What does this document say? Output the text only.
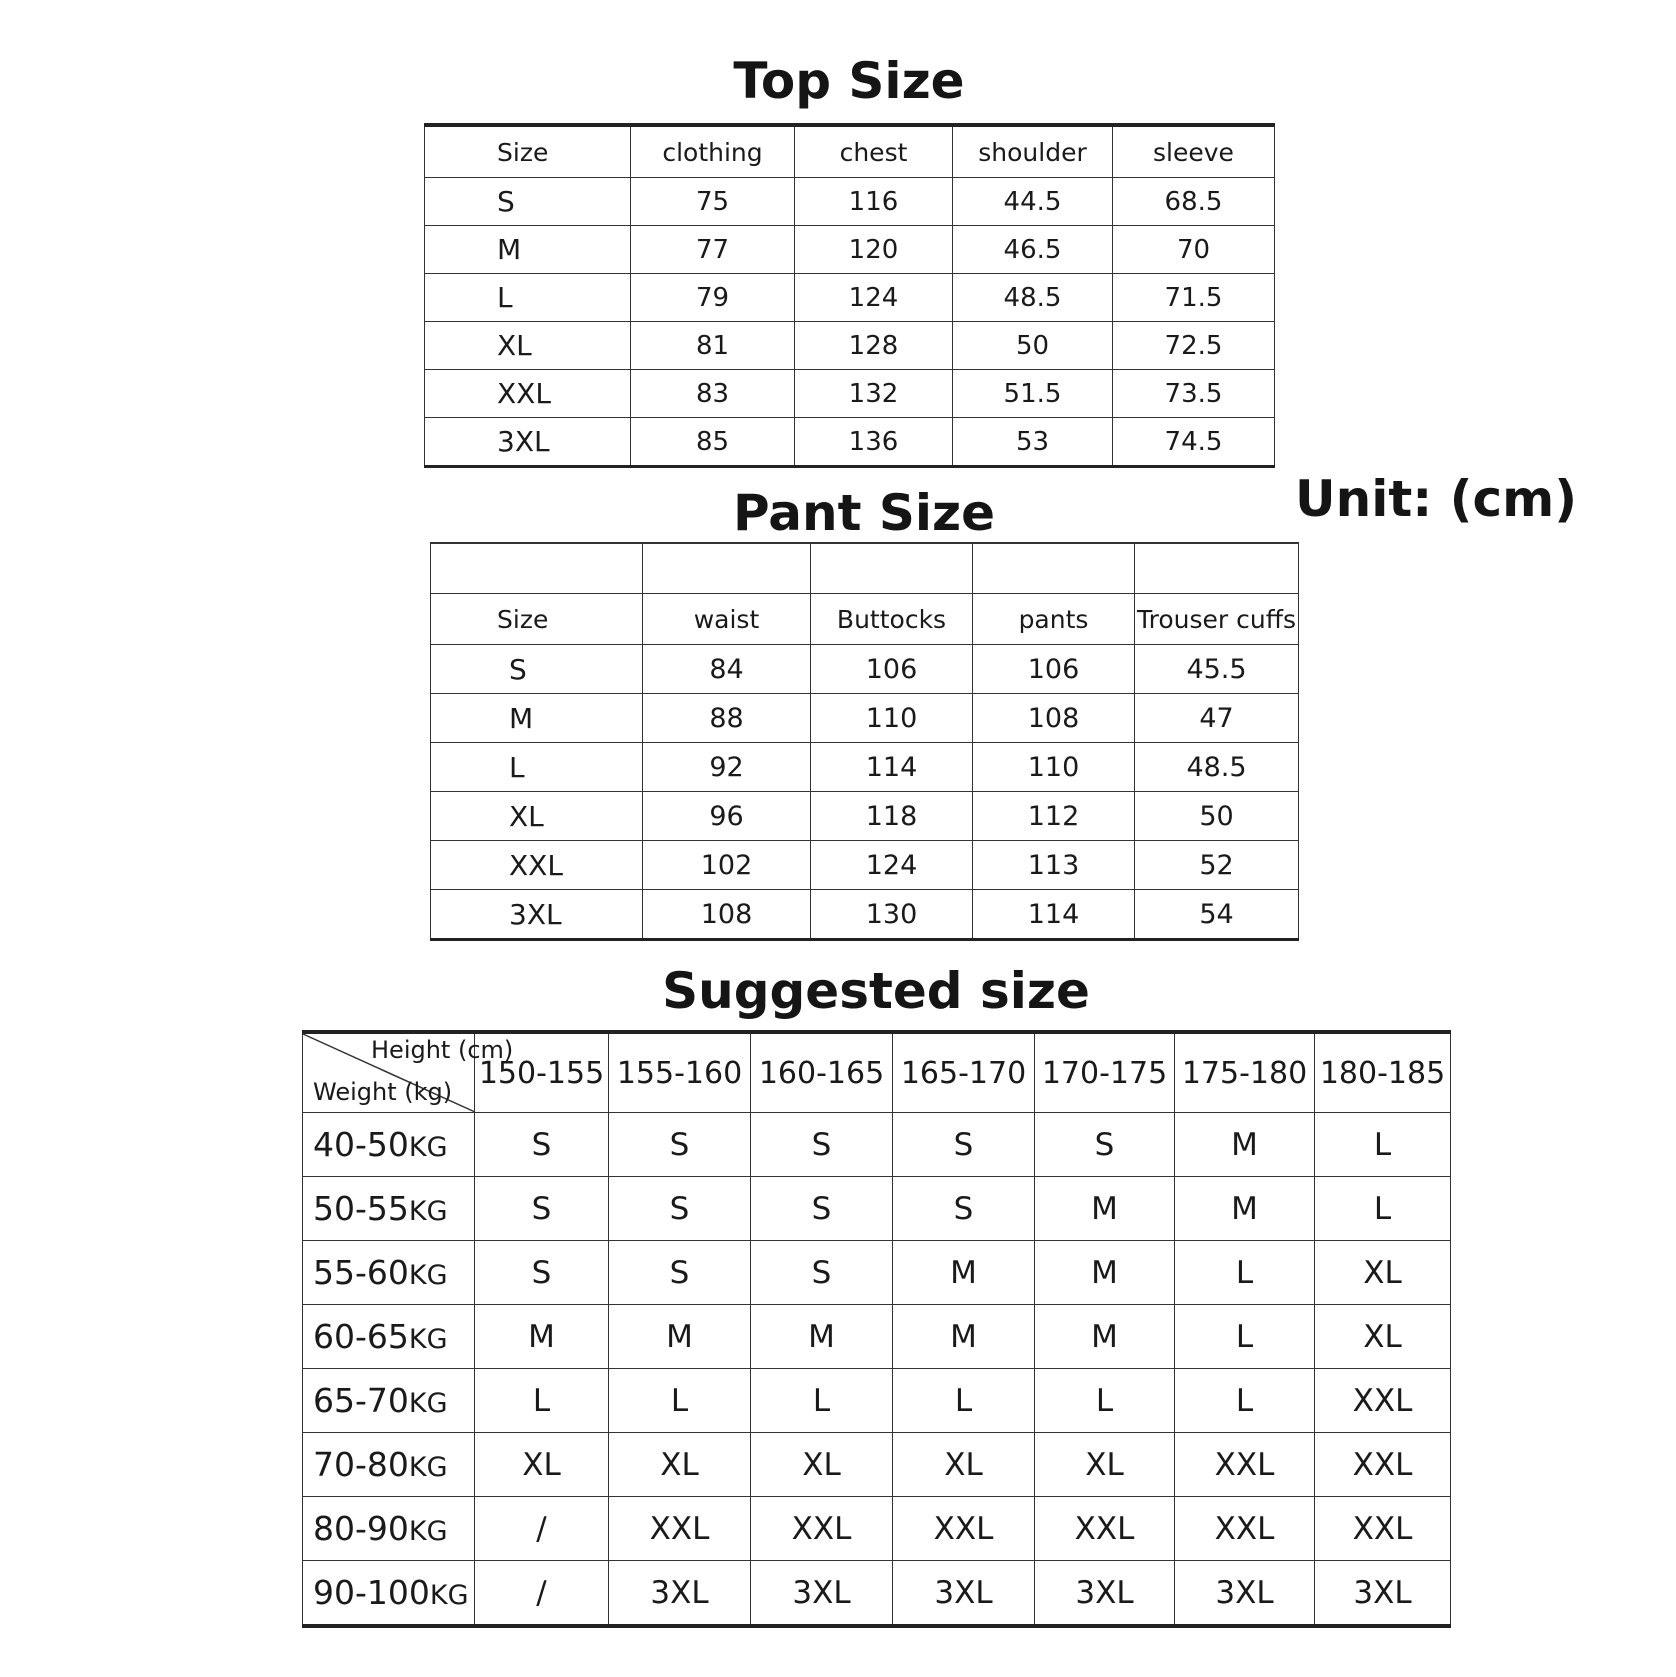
Top Size
Size	clothing	chest	shoulder	sleeve
S	75	116	44.5	68.5
M	77	120	46.5	70
L	79	124	48.5	71.5
XL	81	128	50	72.5
XXL	83	132	51.5	73.5
3XL	85	136	53	74.5
Unit: (cm)
Pant Size

Size	waist	Buttocks	pants	Trouser cuffs
S	84	106	106	45.5
M	88	110	108	47
L	92	114	110	48.5
XL	96	118	112	50
XXL	102	124	113	52
3XL	108	130	114	54
Suggested size
Height (cm)
Weight (kg)	150-155	155-160	160-165	165-170	170-175	175-180	180-185
40-50KG	S	S	S	S	S	M	L
50-55KG	S	S	S	S	M	M	L
55-60KG	S	S	S	M	M	L	XL
60-65KG	M	M	M	M	M	L	XL
65-70KG	L	L	L	L	L	L	XXL
70-80KG	XL	XL	XL	XL	XL	XXL	XXL
80-90KG	/	XXL	XXL	XXL	XXL	XXL	XXL
90-100KG	/	3XL	3XL	3XL	3XL	3XL	3XL
